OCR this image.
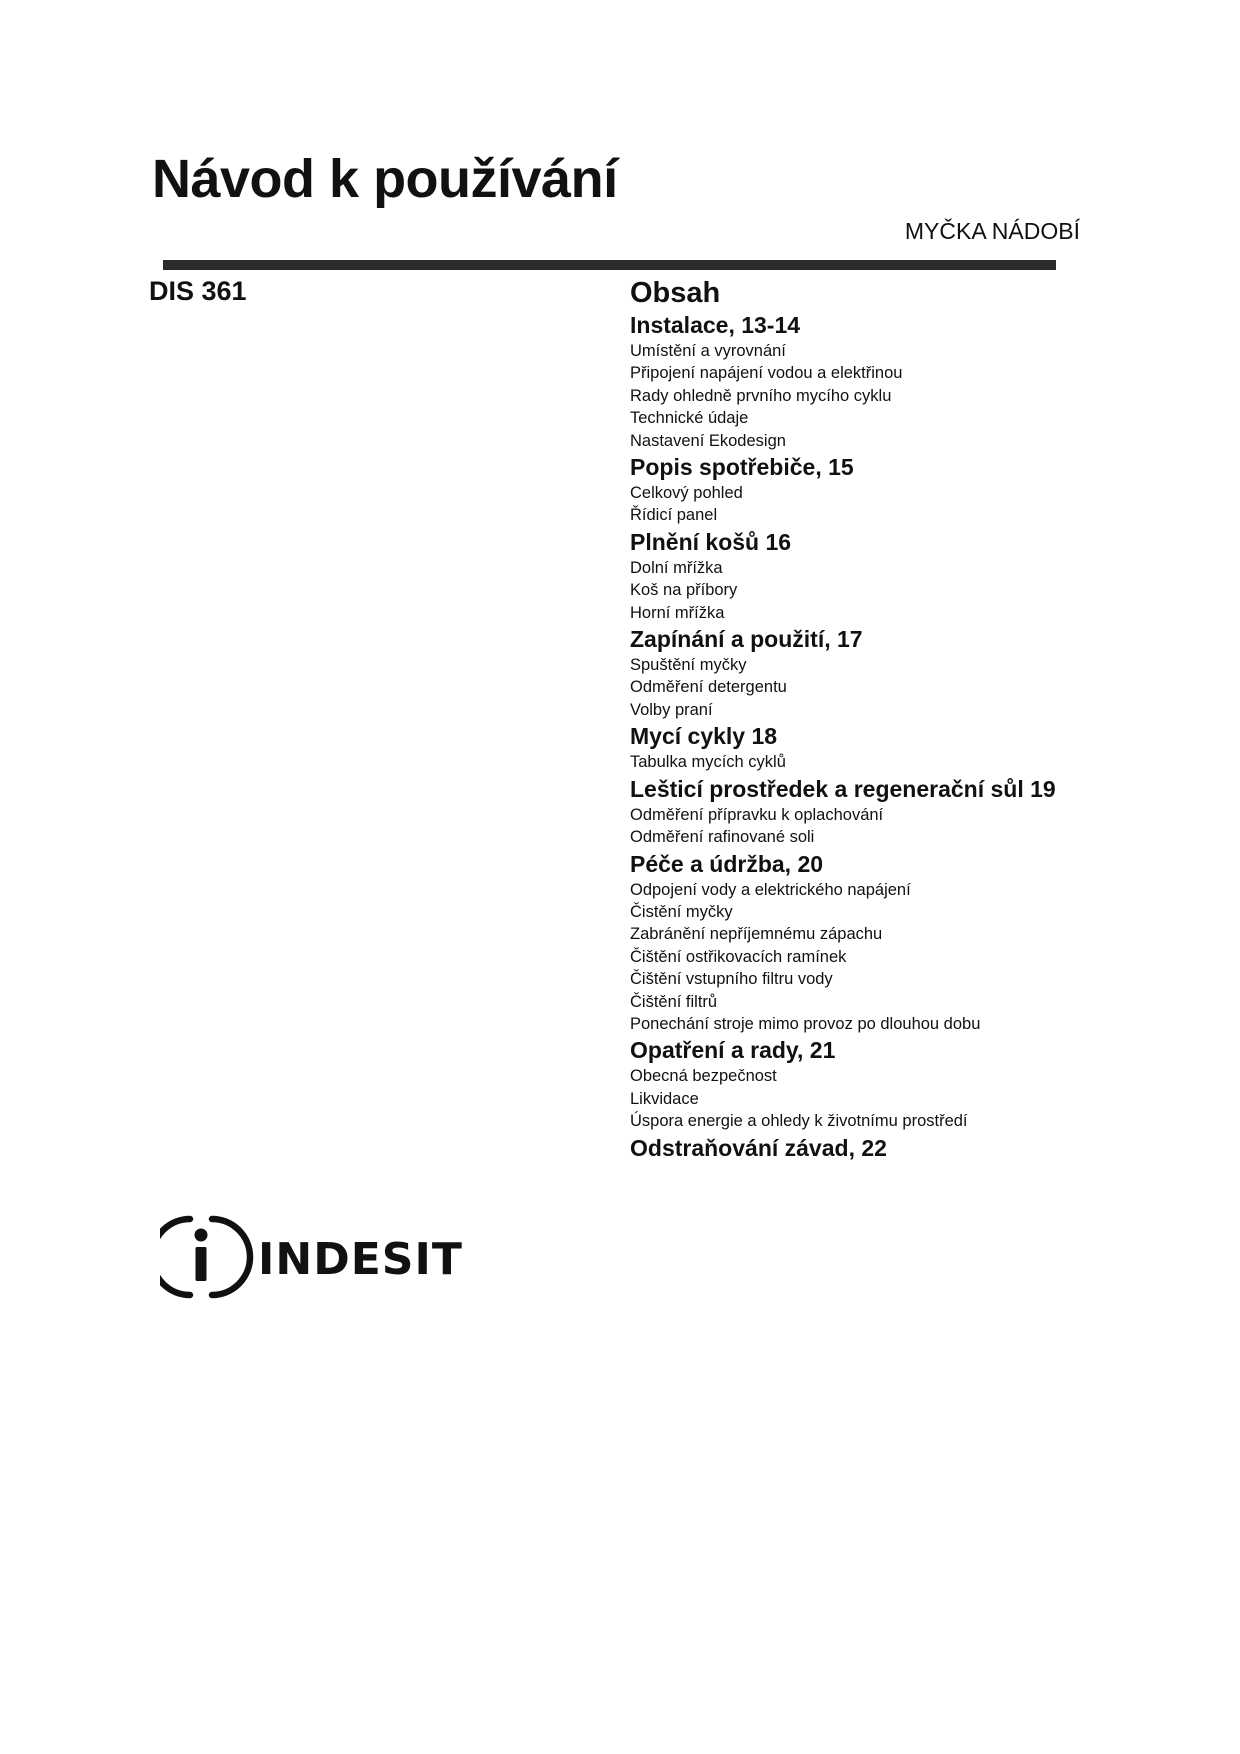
Návod k používání
MYČKA NÁDOBÍ
DIS 361	Obsah
Instalace, 13-14
Umístění a vyrovnání
Připojení napájení vodou a elektřinou
Rady ohledně prvního mycího cyklu
Technické údaje
Nastavení Ekodesign
Popis spotřebiče, 15
Celkový pohled
Řídicí panel
Plnění košů 16
Dolní mřížka
Koš na příbory
Horní mřížka
Zapínání a použití, 17
Spuštění myčky
Odměření detergentu
Volby praní
Mycí cykly 18
Tabulka mycích cyklů
Lešticí prostředek a regenerační sůl 19
Odměření přípravku k oplachování
Odměření rafinované soli
Péče a údržba, 20
Odpojení vody a elektrického napájení
Čistění myčky
Zabránění nepříjemnému zápachu
Čištění ostřikovacích ramínek
Čištění vstupního filtru vody
Čištění filtrů
Ponechání stroje mimo provoz po dlouhou dobu
Opatření a rady, 21
Obecná bezpečnost
Likvidace
Úspora energie a ohledy k životnímu prostředí
Odstraňování závad, 22
INDESIT
